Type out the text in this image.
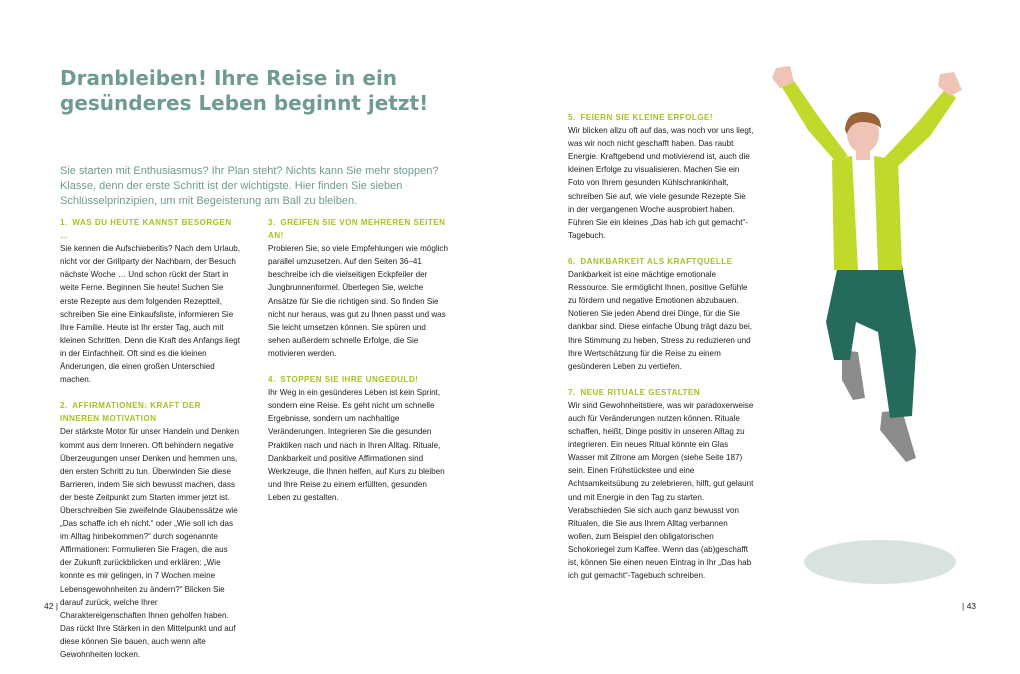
Dranbleiben! Ihre Reise in ein
gesünderes Leben beginnt jetzt!

Sie starten mit Enthusiasmus? Ihr Plan steht? Nichts kann Sie mehr stoppen? Klasse, denn der erste Schritt ist der wichtigste. Hier finden Sie sieben Schlüsselprinzipien, um mit Begeisterung am Ball zu bleiben.

1. WAS DU HEUTE KANNST BESORGEN …

Sie kennen die Aufschieberitis? Nach dem Urlaub, nicht vor der Grillparty der Nachbarn, der Besuch nächste Woche … Und schon rückt der Start in weite Ferne. Beginnen Sie heute! Suchen Sie erste Rezepte aus dem folgenden Rezeptteil, schreiben Sie eine Einkaufsliste, informieren Sie Ihre Familie. Heute ist Ihr erster Tag, auch mit kleinen Schritten. Denn die Kraft des Anfangs liegt in der Einfachheit. Oft sind es die kleinen Änderungen, die einen großen Unterschied machen.

2. AFFIRMATIONEN: KRAFT DER INNEREN MOTIVATION

Der stärkste Motor für unser Handeln und Denken kommt aus dem Inneren. Oft behindern negative Überzeugungen unser Denken und hemmen uns, den ersten Schritt zu tun. Überwinden Sie diese Barrieren, indem Sie sich bewusst machen, dass der beste Zeitpunkt zum Starten immer jetzt ist. Überschreiben Sie zweifelnde Glaubenssätze wie „Das schaffe ich eh nicht.“ oder „Wie soll ich das im Alltag hinbekommen?“ durch sogenannte Affirmationen: Formulieren Sie Fragen, die aus der Zukunft zurückblicken und erklären: „Wie konnte es mir gelingen, in 7 Wochen meine Lebensgewohnheiten zu ändern?“ Blicken Sie darauf zurück, welche Ihrer Charaktereigenschaften Ihnen geholfen haben. Das rückt Ihre Stärken in den Mittelpunkt und auf diese können Sie bauen, auch wenn alte Gewohnheiten locken.

3. GREIFEN SIE VON MEHREREN SEITEN AN!

Probieren Sie, so viele Empfehlungen wie möglich parallel umzusetzen. Auf den Seiten 36–41 beschreibe ich die vielseitigen Eckpfeiler der Jungbrunnenformel. Überlegen Sie, welche Ansätze für Sie die richtigen sind. So finden Sie nicht nur heraus, was gut zu Ihnen passt und was Sie leicht umsetzen können. Sie spüren und sehen außerdem schnelle Erfolge, die Sie motivieren werden.

4. STOPPEN SIE IHRE UNGEDULD!

Ihr Weg in ein gesünderes Leben ist kein Sprint, sondern eine Reise. Es geht nicht um schnelle Ergebnisse, sondern um nachhaltige Veränderungen. Integrieren Sie die gesunden Praktiken nach und nach in Ihren Alltag. Rituale, Dankbarkeit und positive Affirmationen sind Werkzeuge, die Ihnen helfen, auf Kurs zu bleiben und Ihre Reise zu einem erfüllten, gesunden Leben zu gestalten.

5. FEIERN SIE KLEINE ERFOLGE!

Wir blicken allzu oft auf das, was noch vor uns liegt, was wir noch nicht geschafft haben. Das raubt Energie. Kraftgebend und motivierend ist, auch die kleinen Erfolge zu visualisieren. Machen Sie ein Foto von Ihrem gesunden Kühlschrankinhalt, schreiben Sie auf, wie viele gesunde Rezepte Sie in der vergangenen Woche ausprobiert haben. Führen Sie ein kleines „Das hab ich gut gemacht“-Tagebuch.

6. DANKBARKEIT ALS KRAFTQUELLE

Dankbarkeit ist eine mächtige emotionale Ressource. Sie ermöglicht Ihnen, positive Gefühle zu fördern und negative Emotionen abzubauen. Notieren Sie jeden Abend drei Dinge, für die Sie dankbar sind. Diese einfache Übung trägt dazu bei, Ihre Stimmung zu heben, Stress zu reduzieren und Ihre Wertschätzung für die Reise zu einem gesünderen Leben zu vertiefen.

7. NEUE RITUALE GESTALTEN

Wir sind Gewohnheitstiere, was wir paradoxerweise auch für Veränderungen nutzen können. Rituale schaffen, heißt, Dinge positiv in unseren Alltag zu integrieren. Ein neues Ritual könnte ein Glas Wasser mit Zitrone am Morgen (siehe Seite 187) sein. Einen Frühstückstee und eine Achtsamkeitsübung zu zelebrieren, hilft, gut gelaunt und mit Energie in den Tag zu starten. Verabschieden Sie sich auch ganz bewusst von Ritualen, die Sie aus Ihrem Alltag verbannen wollen, zum Beispiel den obligatorischen Schokoriegel zum Kaffee. Wenn das (ab)geschafft ist, können Sie einen neuen Eintrag in Ihr „Das hab ich gut gemacht“-Tagebuch schreiben.

42 |	| 43
